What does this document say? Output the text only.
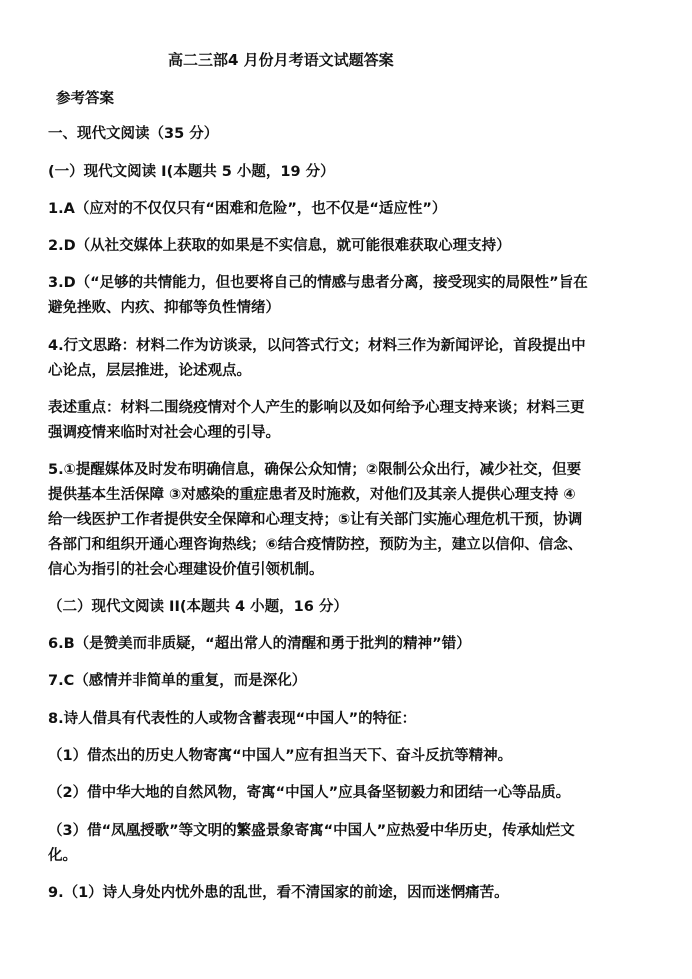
高二三部4 月份月考语文试题答案
参考答案
一、现代文阅读（35 分）
(一）现代文阅读 I(本题共 5 小题，19 分）
1.A（应对的不仅仅只有“困难和危险”，也不仅是“适应性”）
2.D（从社交媒体上获取的如果是不实信息，就可能很难获取心理支持）
3.D（“足够的共情能力，但也要将自己的情感与患者分离，接受现实的局限性”旨在
避免挫败、内疚、抑郁等负性情绪）
4.行文思路：材料二作为访谈录，以问答式行文；材料三作为新闻评论，首段提出中
心论点，层层推进，论述观点。
表述重点：材料二围绕疫情对个人产生的影响以及如何给予心理支持来谈；材料三更
强调疫情来临时对社会心理的引导。
5.①提醒媒体及时发布明确信息，确保公众知情；②限制公众出行，减少社交，但要
提供基本生活保障 ③对感染的重症患者及时施救，对他们及其亲人提供心理支持 ④
给一线医护工作者提供安全保障和心理支持；⑤让有关部门实施心理危机干预，协调
各部门和组织开通心理咨询热线；⑥结合疫情防控，预防为主，建立以信仰、信念、
信心为指引的社会心理建设价值引领机制。
（二）现代文阅读 II(本题共 4 小题，16 分）
6.B（是赞美而非质疑，“超出常人的清醒和勇于批判的精神”错）
7.C（感情并非简单的重复，而是深化）
8.诗人借具有代表性的人或物含蓄表现“中国人”的特征：
（1）借杰出的历史人物寄寓“中国人”应有担当天下、奋斗反抗等精神。
（2）借中华大地的自然风物，寄寓“中国人”应具备坚韧毅力和团结一心等品质。
（3）借“凤凰授歌”等文明的繁盛景象寄寓“中国人”应热爱中华历史，传承灿烂文
化。
9.（1）诗人身处内忧外患的乱世，看不清国家的前途，因而迷惘痛苦。
